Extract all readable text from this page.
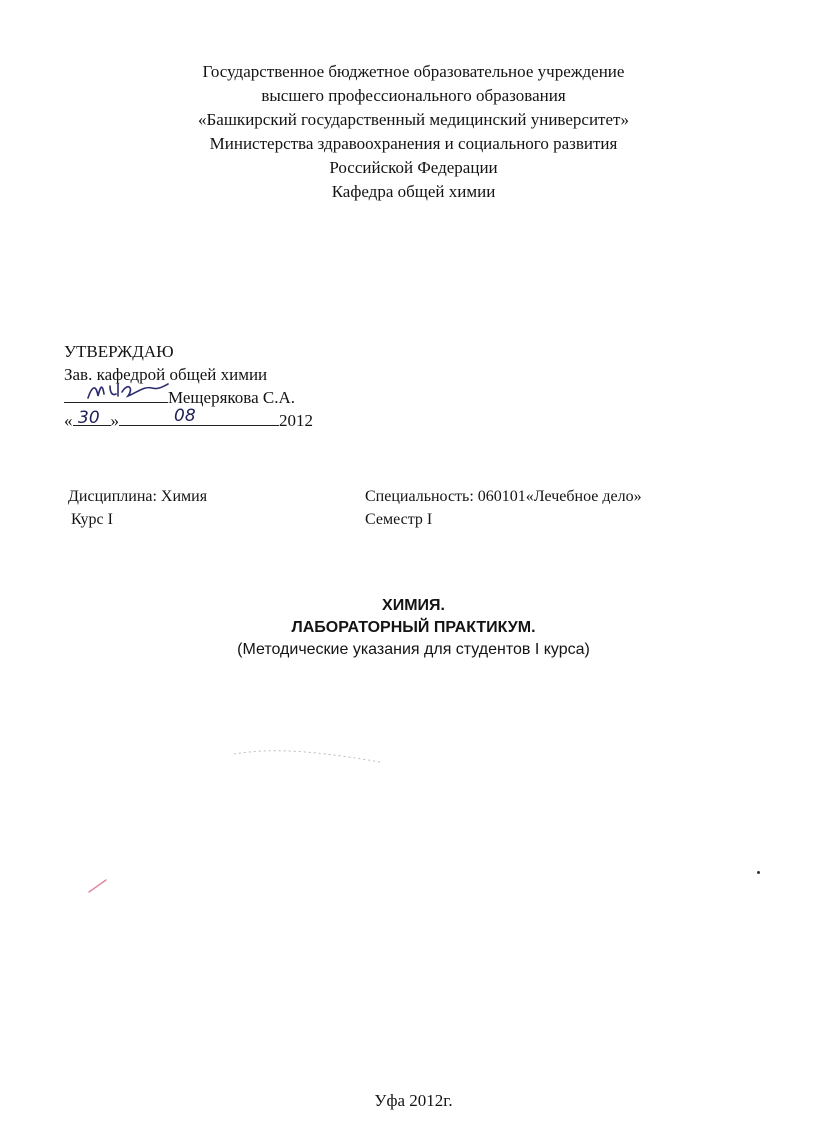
Государственное бюджетное образовательное учреждение
высшего профессионального образования
«Башкирский государственный медицинский университет»
Министерства здравоохранения и социального развития
Российской Федерации
Кафедра общей химии
УТВЕРЖДАЮ
Зав. кафедрой общей химии
Мещерякова С.А.
« »	2012
30	08
Дисциплина: Химия
Курс I
Специальность: 060101«Лечебное дело»
Семестр I
ХИМИЯ.
ЛАБОРАТОРНЫЙ ПРАКТИКУМ.
(Методические указания для студентов I курса)
Уфа 2012г.
